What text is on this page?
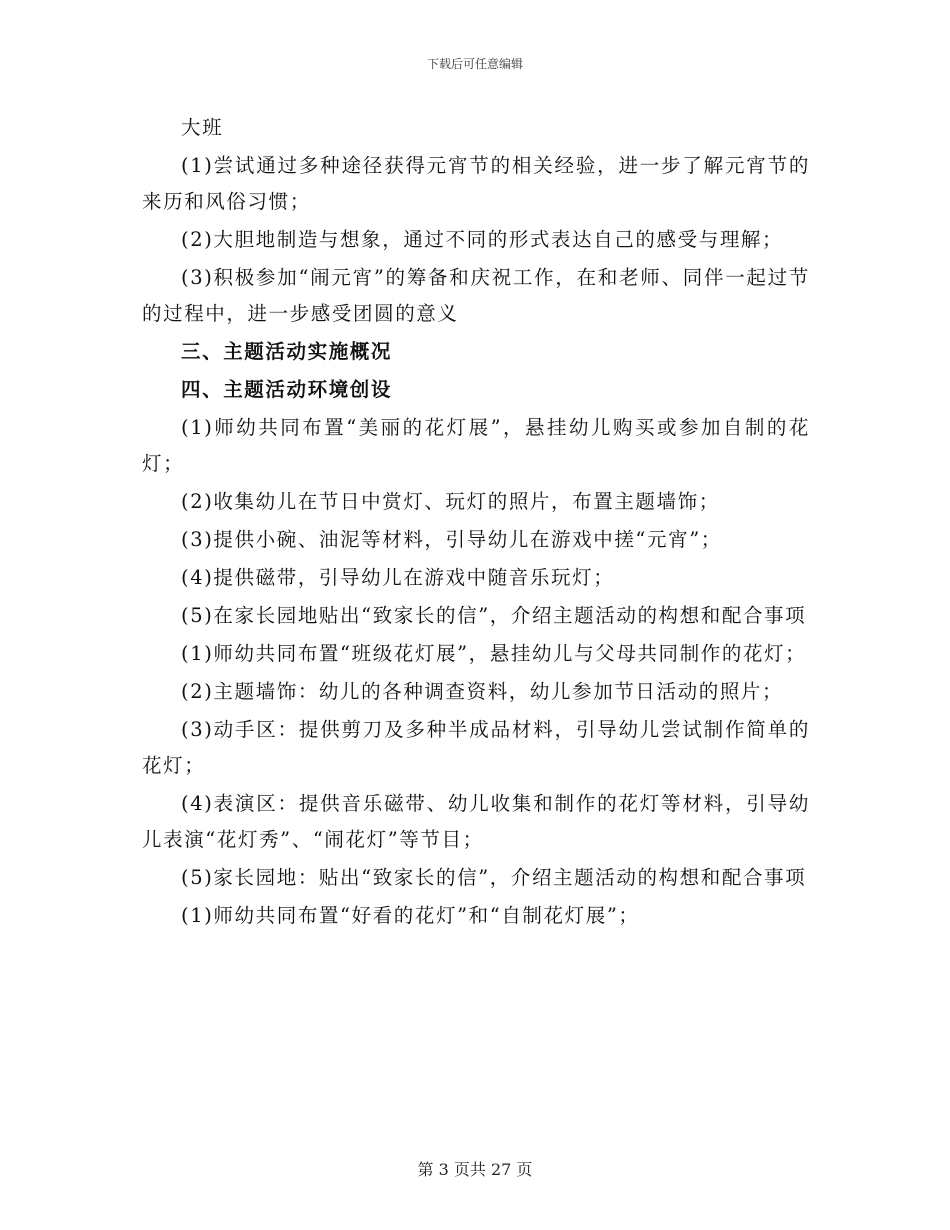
下载后可任意编辑

大班

(1)尝试通过多种途径获得元宵节的相关经验，进一步了解元宵节的来历和风俗习惯；

(2)大胆地制造与想象，通过不同的形式表达自己的感受与理解；

(3)积极参加“闹元宵”的筹备和庆祝工作，在和老师、同伴一起过节的过程中，进一步感受团圆的意义

三、主题活动实施概况

四、主题活动环境创设

(1)师幼共同布置“美丽的花灯展”，悬挂幼儿购买或参加自制的花灯；

(2)收集幼儿在节日中赏灯、玩灯的照片，布置主题墙饰；

(3)提供小碗、油泥等材料，引导幼儿在游戏中搓“元宵”；

(4)提供磁带，引导幼儿在游戏中随音乐玩灯；

(5)在家长园地贴出“致家长的信”，介绍主题活动的构想和配合事项

(1)师幼共同布置“班级花灯展”，悬挂幼儿与父母共同制作的花灯；

(2)主题墙饰：幼儿的各种调查资料，幼儿参加节日活动的照片；

(3)动手区：提供剪刀及多种半成品材料，引导幼儿尝试制作简单的花灯；

(4)表演区：提供音乐磁带、幼儿收集和制作的花灯等材料，引导幼儿表演“花灯秀”、“闹花灯”等节目；

(5)家长园地：贴出“致家长的信”，介绍主题活动的构想和配合事项

(1)师幼共同布置“好看的花灯”和“自制花灯展”；

第 3 页共 27 页
